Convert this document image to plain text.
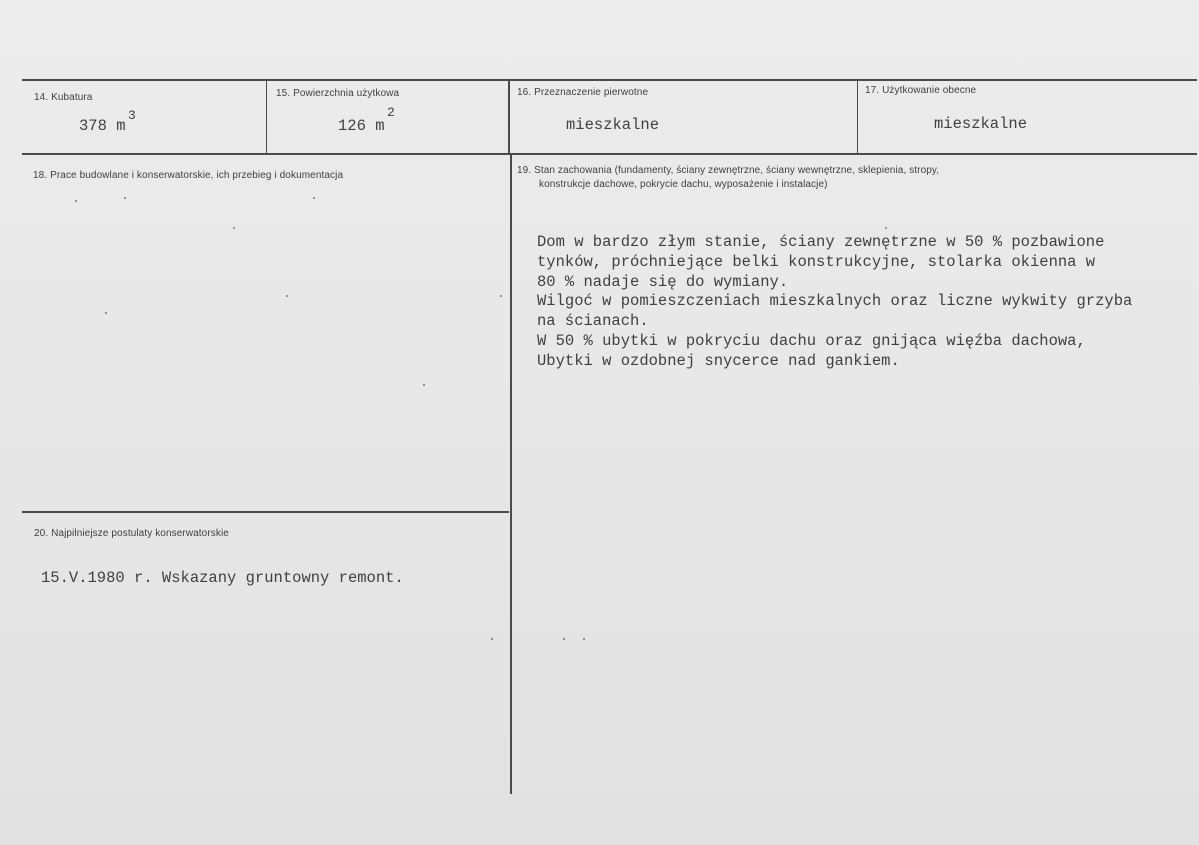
14. Kubatura
378 m
3
15. Powierzchnia użytkowa
126 m
2
16. Przeznaczenie pierwotne
mieszkalne
17. Użytkowanie obecne
mieszkalne
18. Prace budowlane i konserwatorskie, ich przebieg i dokumentacja	19. Stan zachowania (fundamenty, ściany zewnętrzne, ściany wewnętrzne, sklepienia, stropy,
konstrukcje dachowe, pokrycie dachu, wyposażenie i instalacje)
Dom w bardzo złym stanie, ściany zewnętrzne w 50 % pozbawione
tynków, próchniejące belki konstrukcyjne, stolarka okienna w
80 % nadaje się do wymiany.
Wilgoć w pomieszczeniach mieszkalnych oraz liczne wykwity grzyba
na ścianach.
W 50 % ubytki w pokryciu dachu oraz gnijąca więźba dachowa,
Ubytki w ozdobnej snycerce nad gankiem.
20. Najpilniejsze postulaty konserwatorskie
15.V.1980 r. Wskazany gruntowny remont.
